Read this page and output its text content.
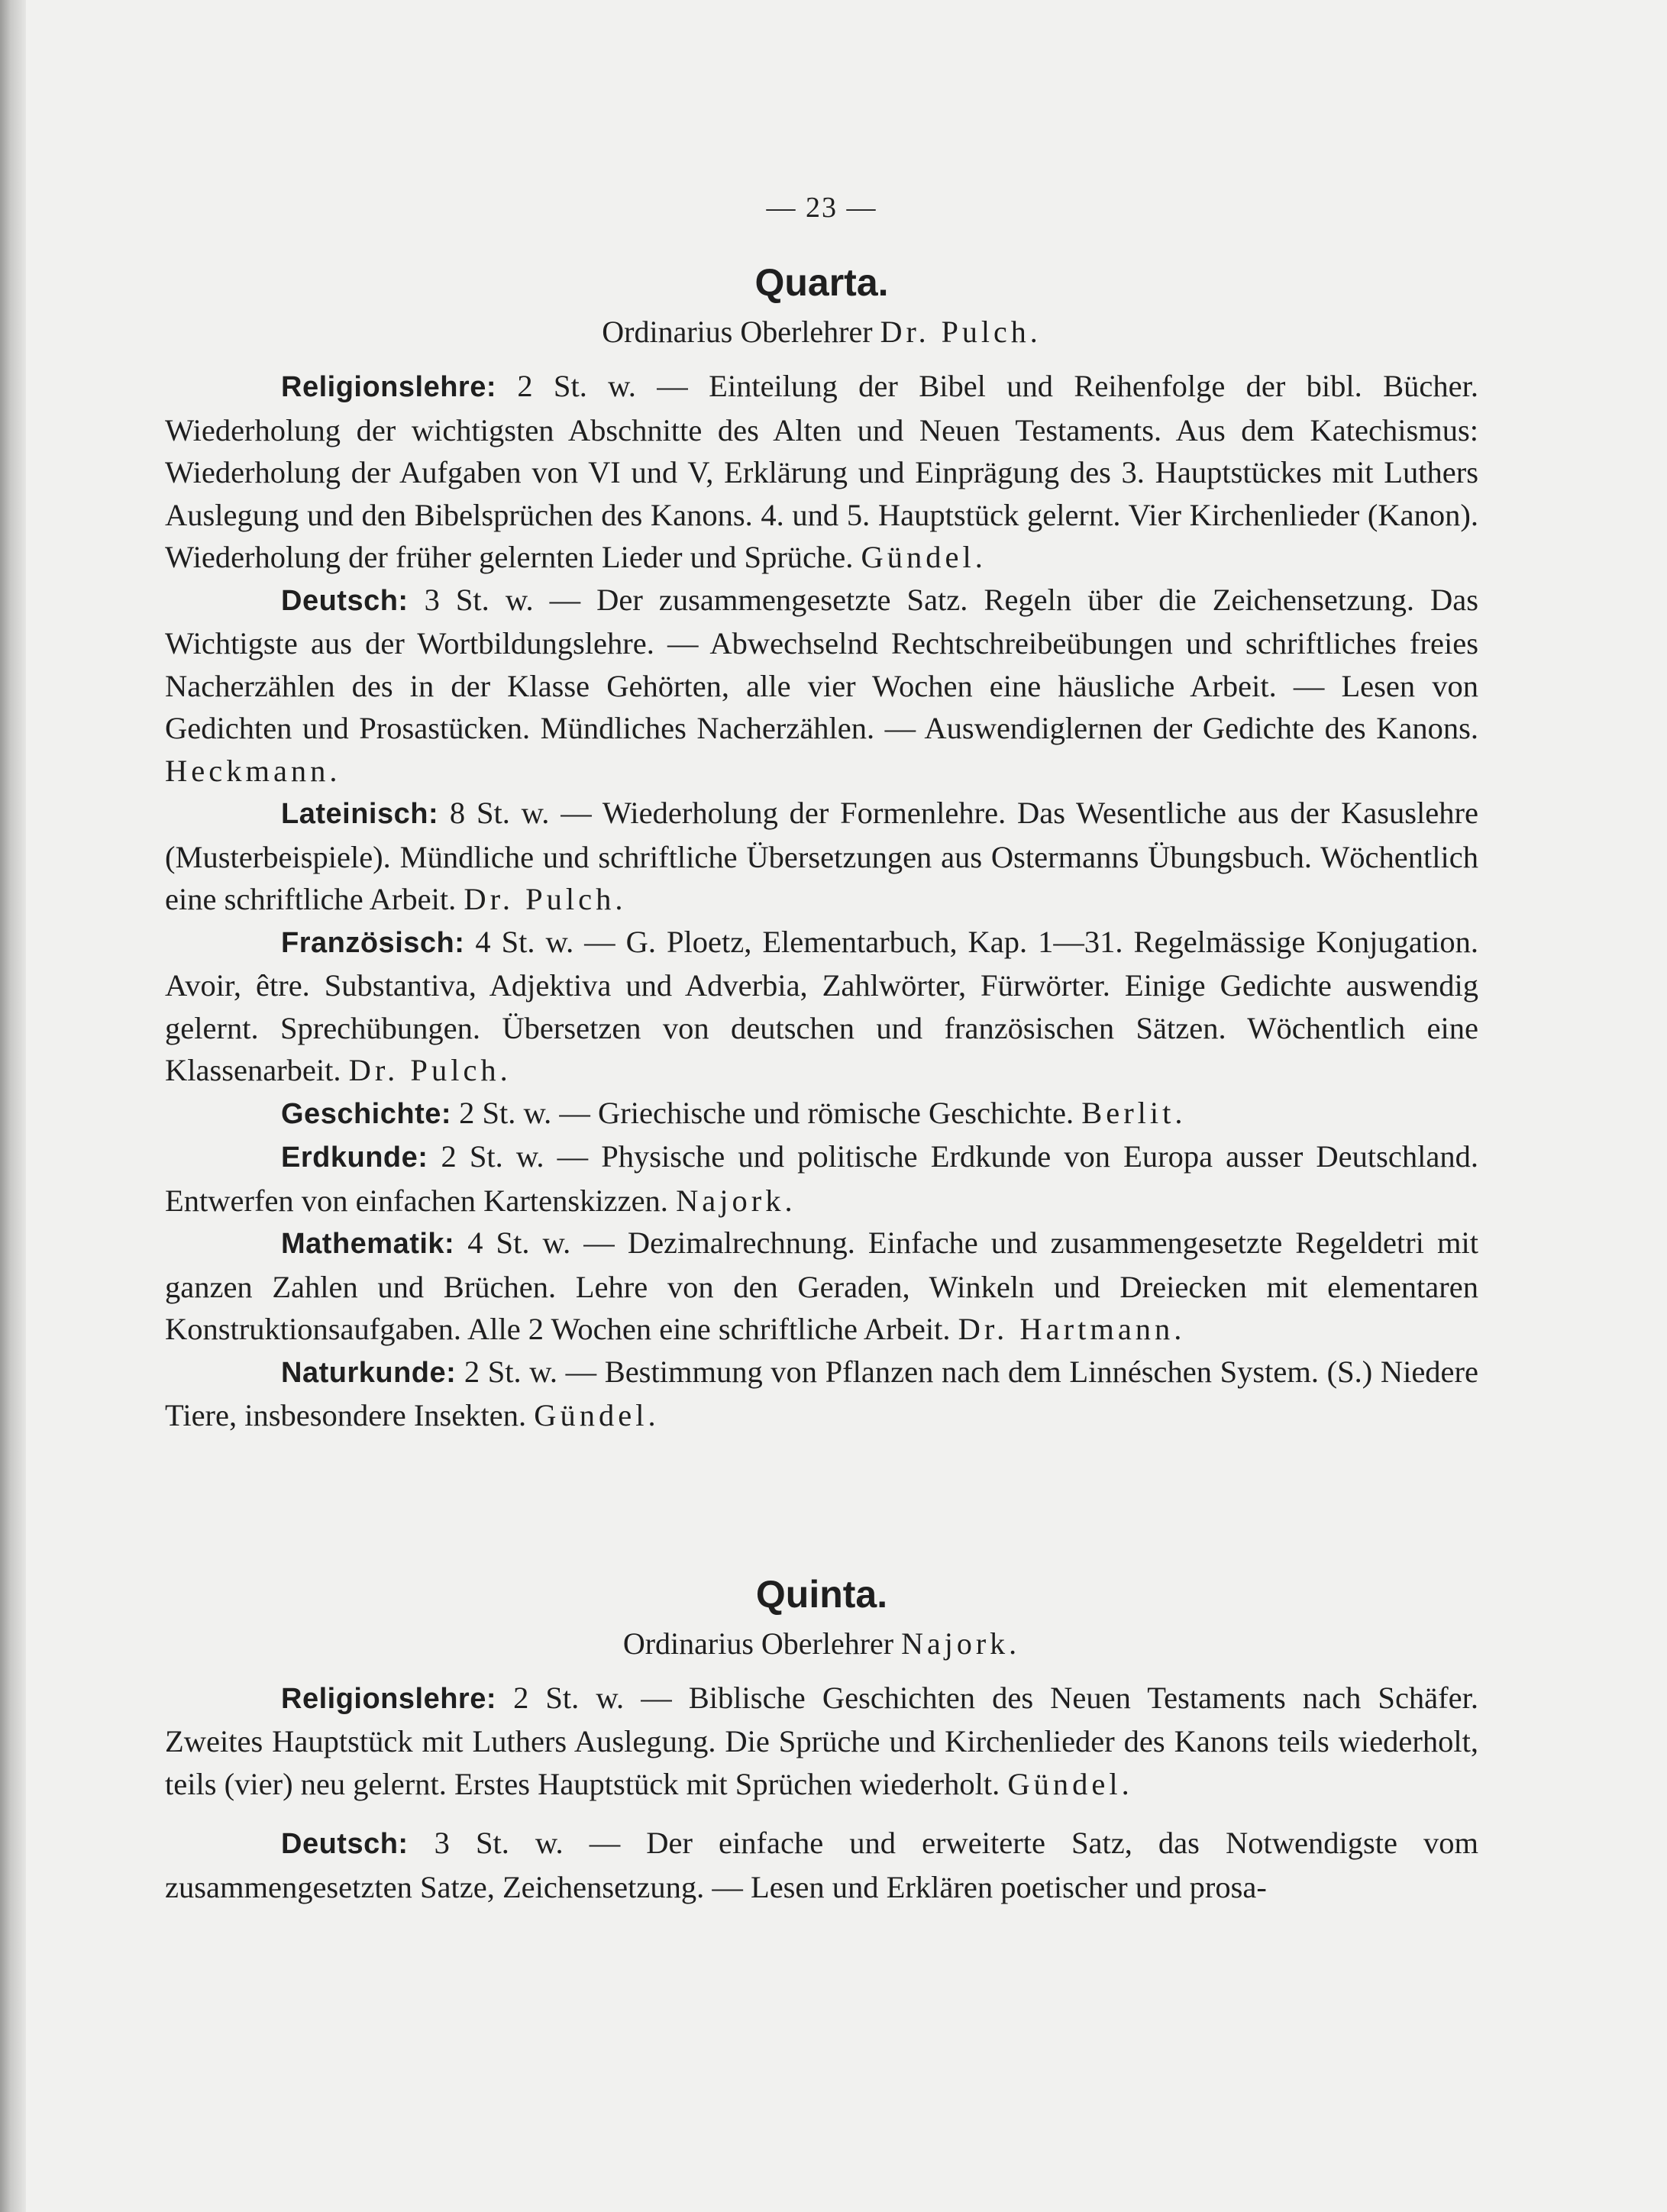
— 23 —
Quarta.
Ordinarius Oberlehrer Dr. Pulch.

Religionslehre: 2 St. w. — Einteilung der Bibel und Reihenfolge der bibl. Bücher. Wiederholung der wichtigsten Abschnitte des Alten und Neuen Testaments. Aus dem Katechismus: Wiederholung der Aufgaben von VI und V, Erklärung und Einprägung des 3. Hauptstückes mit Luthers Auslegung und den Bibelsprüchen des Kanons. 4. und 5. Hauptstück gelernt. Vier Kirchenlieder (Kanon). Wiederholung der früher gelernten Lieder und Sprüche. Gündel.

Deutsch: 3 St. w. — Der zusammengesetzte Satz. Regeln über die Zeichensetzung. Das Wichtigste aus der Wortbildungslehre. — Abwechselnd Rechtschreibeübungen und schriftliches freies Nacherzählen des in der Klasse Gehörten, alle vier Wochen eine häusliche Arbeit. — Lesen von Gedichten und Prosastücken. Mündliches Nacherzählen. — Auswendiglernen der Gedichte des Kanons. Heckmann.

Lateinisch: 8 St. w. — Wiederholung der Formenlehre. Das Wesentliche aus der Kasuslehre (Musterbeispiele). Mündliche und schriftliche Übersetzungen aus Ostermanns Übungsbuch. Wöchentlich eine schriftliche Arbeit. Dr. Pulch.

Französisch: 4 St. w. — G. Ploetz, Elementarbuch, Kap. 1—31. Regelmässige Konjugation. Avoir, être. Substantiva, Adjektiva und Adverbia, Zahlwörter, Fürwörter. Einige Gedichte auswendig gelernt. Sprechübungen. Übersetzen von deutschen und französischen Sätzen. Wöchentlich eine Klassenarbeit. Dr. Pulch.

Geschichte: 2 St. w. — Griechische und römische Geschichte. Berlit.

Erdkunde: 2 St. w. — Physische und politische Erdkunde von Europa ausser Deutschland. Entwerfen von einfachen Kartenskizzen. Najork.

Mathematik: 4 St. w. — Dezimalrechnung. Einfache und zusammengesetzte Regeldetri mit ganzen Zahlen und Brüchen. Lehre von den Geraden, Winkeln und Dreiecken mit elementaren Konstruktionsaufgaben. Alle 2 Wochen eine schriftliche Arbeit. Dr. Hartmann.

Naturkunde: 2 St. w. — Bestimmung von Pflanzen nach dem Linnéschen System. (S.) Niedere Tiere, insbesondere Insekten. Gündel.

Quinta.
Ordinarius Oberlehrer Najork.

Religionslehre: 2 St. w. — Biblische Geschichten des Neuen Testaments nach Schäfer. Zweites Hauptstück mit Luthers Auslegung. Die Sprüche und Kirchenlieder des Kanons teils wiederholt, teils (vier) neu gelernt. Erstes Hauptstück mit Sprüchen wiederholt. Gündel.

Deutsch: 3 St. w. — Der einfache und erweiterte Satz, das Notwendigste vom zusammengesetzten Satze, Zeichensetzung. — Lesen und Erklären poetischer und prosa-
